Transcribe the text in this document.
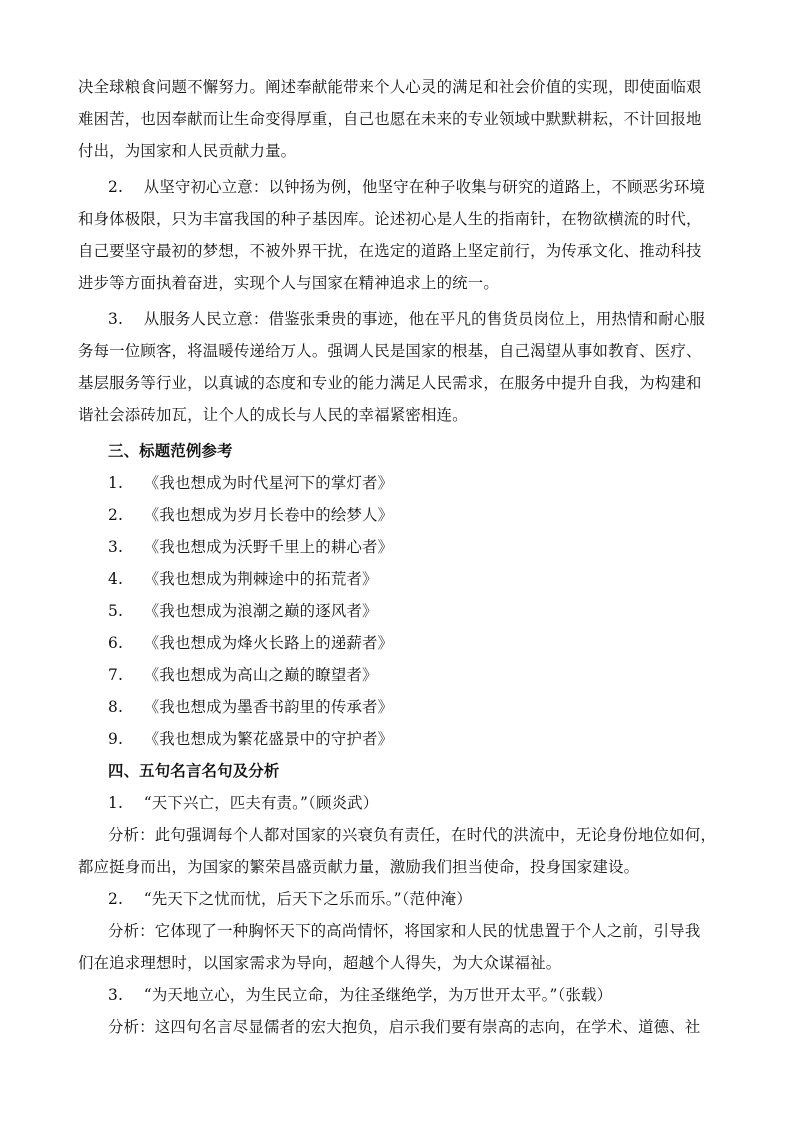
决全球粮食问题不懈努力。阐述奉献能带来个人心灵的满足和社会价值的实现，即使面临艰
难困苦，也因奉献而让生命变得厚重，自己也愿在未来的专业领域中默默耕耘，不计回报地
付出，为国家和人民贡献力量。
2.　 从坚守初心立意：以钟扬为例，他坚守在种子收集与研究的道路上，不顾恶劣环境
和身体极限，只为丰富我国的种子基因库。论述初心是人生的指南针，在物欲横流的时代，
自己要坚守最初的梦想，不被外界干扰，在选定的道路上坚定前行，为传承文化、推动科技
进步等方面执着奋进，实现个人与国家在精神追求上的统一。
3.　 从服务人民立意：借鉴张秉贵的事迹，他在平凡的售货员岗位上，用热情和耐心服
务每一位顾客，将温暖传递给万人。强调人民是国家的根基，自己渴望从事如教育、医疗、
基层服务等行业，以真诚的态度和专业的能力满足人民需求，在服务中提升自我，为构建和
谐社会添砖加瓦，让个人的成长与人民的幸福紧密相连。
三、标题范例参考
1.　 《我也想成为时代星河下的掌灯者》
2.　 《我也想成为岁月长卷中的绘梦人》
3.　 《我也想成为沃野千里上的耕心者》
4.　 《我也想成为荆棘途中的拓荒者》
5.　 《我也想成为浪潮之巅的逐风者》
6.　 《我也想成为烽火长路上的递薪者》
7.　 《我也想成为高山之巅的瞭望者》
8.　 《我也想成为墨香书韵里的传承者》
9.　 《我也想成为繁花盛景中的守护者》
四、五句名言名句及分析
1.　 “天下兴亡，匹夫有责。”（顾炎武）
分析：此句强调每个人都对国家的兴衰负有责任，在时代的洪流中，无论身份地位如何，
都应挺身而出，为国家的繁荣昌盛贡献力量，激励我们担当使命，投身国家建设。
2.　 “先天下之忧而忧，后天下之乐而乐。”（范仲淹）
分析：它体现了一种胸怀天下的高尚情怀，将国家和人民的忧患置于个人之前，引导我
们在追求理想时，以国家需求为导向，超越个人得失，为大众谋福祉。
3.　 “为天地立心，为生民立命，为往圣继绝学，为万世开太平。”（张载）
分析：这四句名言尽显儒者的宏大抱负，启示我们要有崇高的志向，在学术、道德、社
